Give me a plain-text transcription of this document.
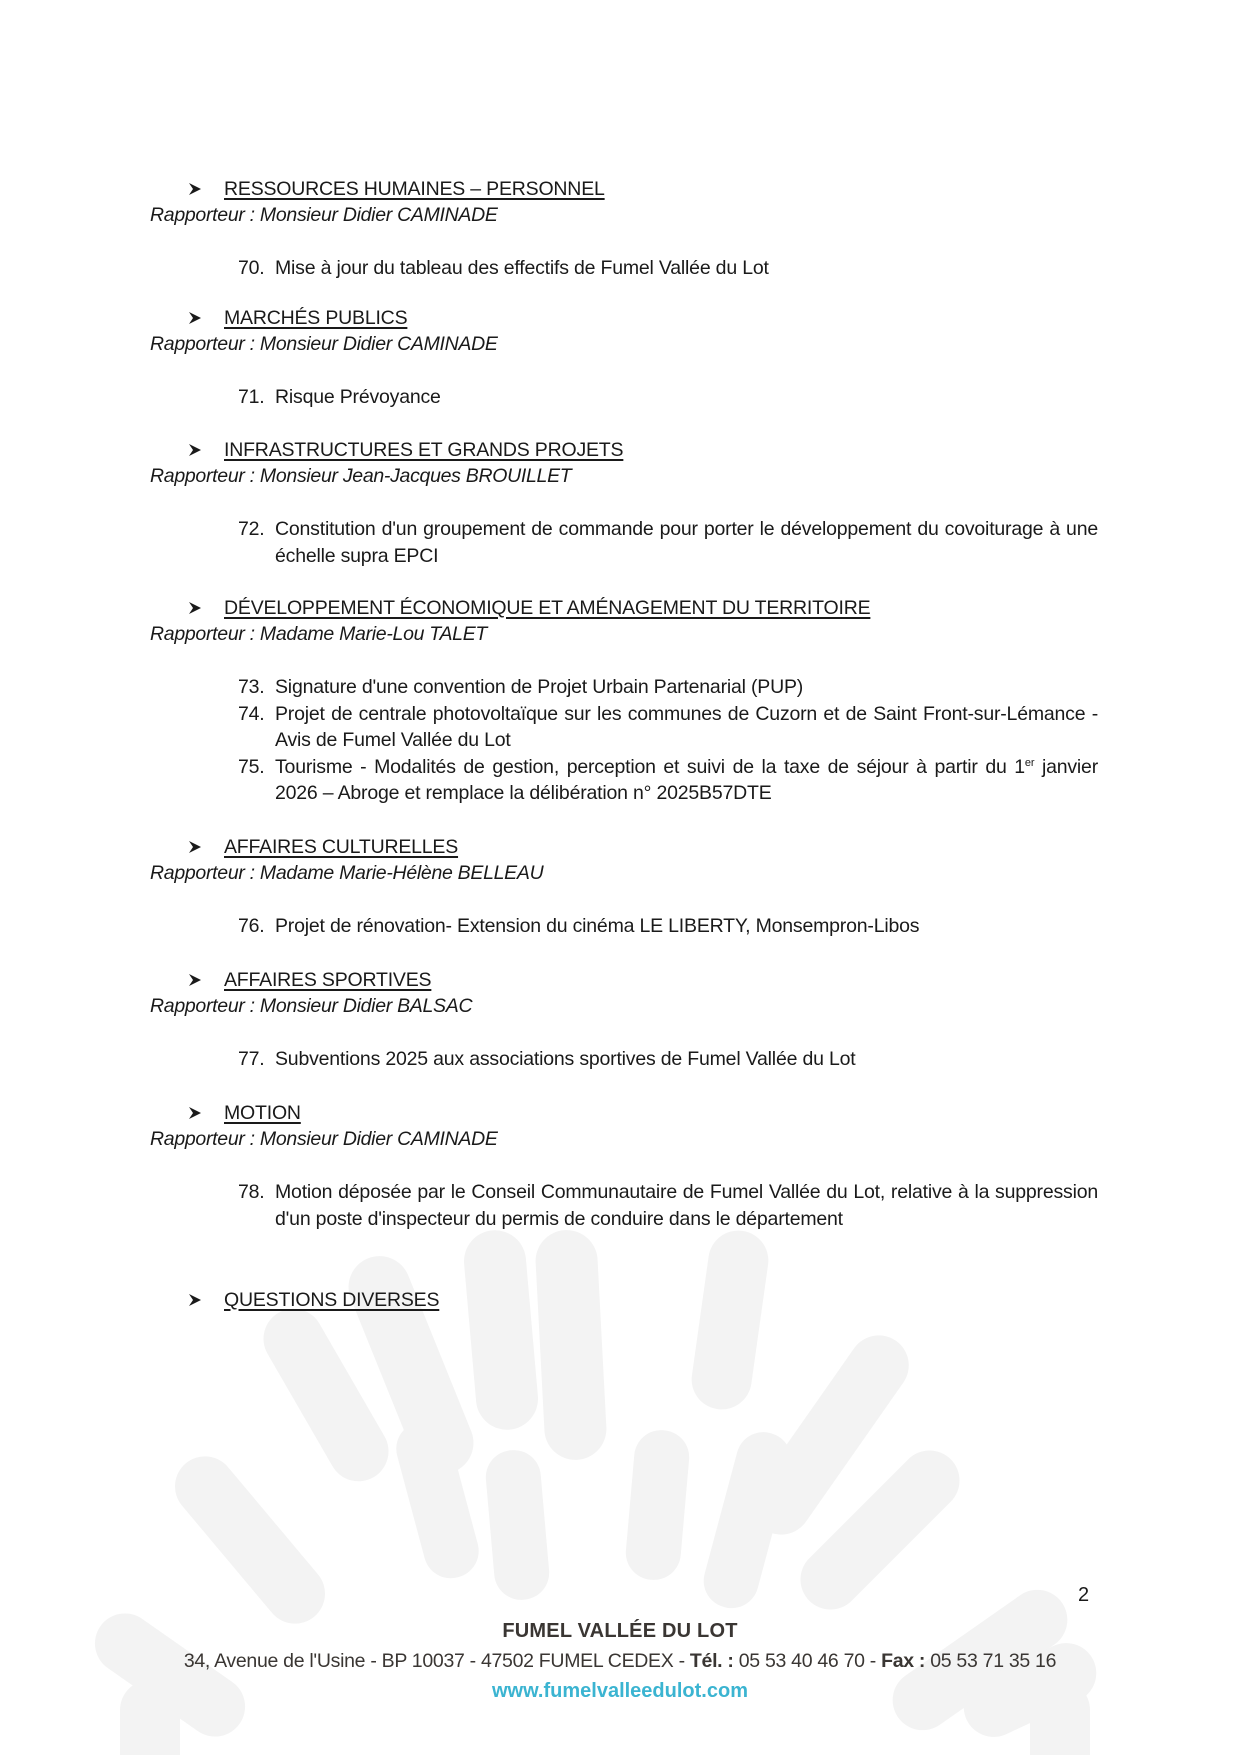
RESSOURCES HUMAINES – PERSONNEL
Rapporteur : Monsieur Didier CAMINADE
70. Mise à jour du tableau des effectifs de Fumel Vallée du Lot
MARCHÉS PUBLICS
Rapporteur : Monsieur Didier CAMINADE
71. Risque Prévoyance
INFRASTRUCTURES ET GRANDS PROJETS
Rapporteur : Monsieur Jean-Jacques BROUILLET
72. Constitution d'un groupement de commande pour porter le développement du covoiturage à une échelle supra EPCI
DÉVELOPPEMENT ÉCONOMIQUE ET AMÉNAGEMENT DU TERRITOIRE
Rapporteur : Madame Marie-Lou TALET
73. Signature d'une convention de Projet Urbain Partenarial (PUP)
74. Projet de centrale photovoltaïque sur les communes de Cuzorn et de Saint Front-sur-Lémance - Avis de Fumel Vallée du Lot
75. Tourisme - Modalités de gestion, perception et suivi de la taxe de séjour à partir du 1er janvier 2026 – Abroge et remplace la délibération n° 2025B57DTE
AFFAIRES CULTURELLES
Rapporteur : Madame Marie-Hélène BELLEAU
76. Projet de rénovation- Extension du cinéma LE LIBERTY, Monsempron-Libos
AFFAIRES SPORTIVES
Rapporteur : Monsieur Didier BALSAC
77. Subventions 2025 aux associations sportives de Fumel Vallée du Lot
MOTION
Rapporteur : Monsieur Didier CAMINADE
78. Motion déposée par le Conseil Communautaire de Fumel Vallée du Lot, relative à la suppression d'un poste d'inspecteur du permis de conduire dans le département
QUESTIONS DIVERSES
2
FUMEL VALLÉE DU LOT
34, Avenue de l'Usine - BP 10037 - 47502 FUMEL CEDEX - Tél. : 05 53 40 46 70 - Fax : 05 53 71 35 16
www.fumelvalleedulot.com
